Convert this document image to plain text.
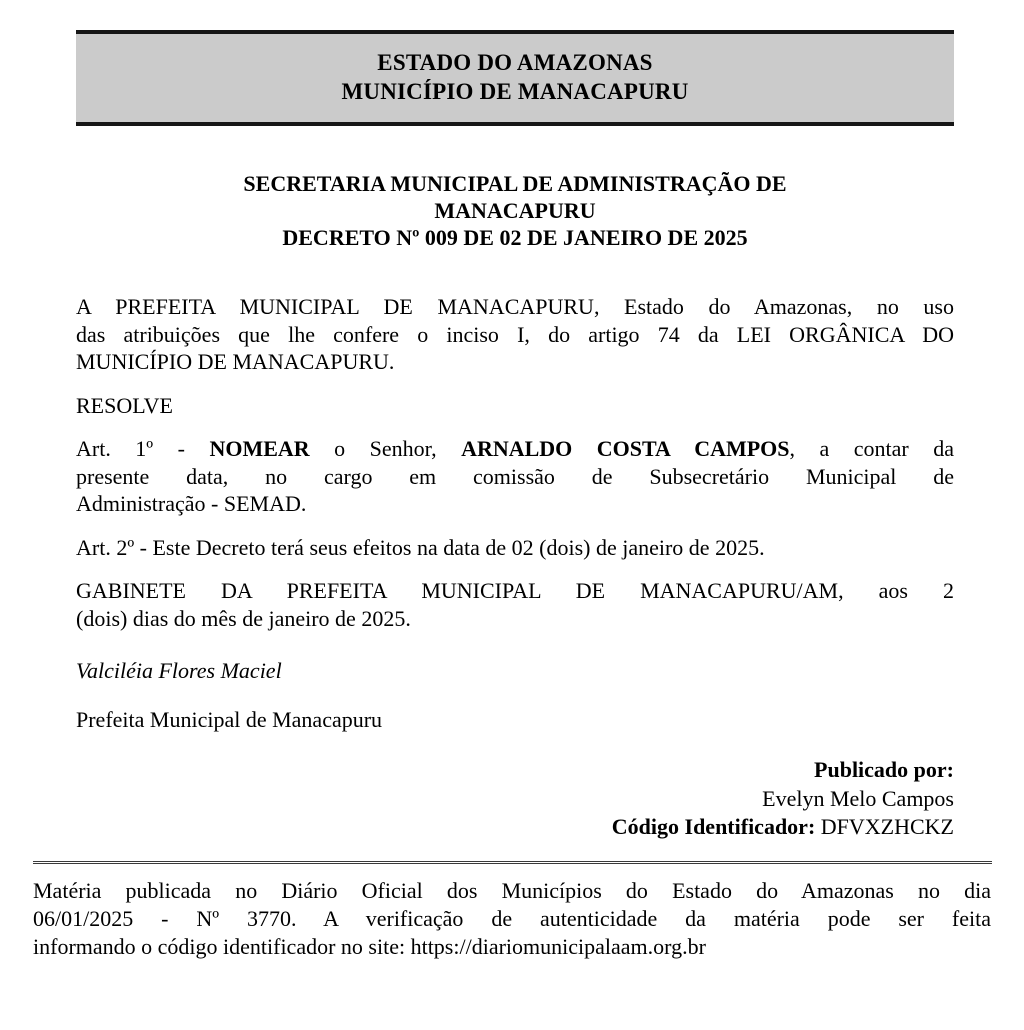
ESTADO DO AMAZONAS
MUNICÍPIO DE MANACAPURU
SECRETARIA MUNICIPAL DE ADMINISTRAÇÃO DE
MANACAPURU
DECRETO Nº 009 DE 02 DE JANEIRO DE 2025
A PREFEITA MUNICIPAL DE MANACAPURU, Estado do Amazonas, no uso
das atribuições que lhe confere o inciso I, do artigo 74 da LEI ORGÂNICA DO
MUNICÍPIO DE MANACAPURU.
RESOLVE
Art. 1º - NOMEAR o Senhor, ARNALDO COSTA CAMPOS, a contar da
presente data, no cargo em comissão de Subsecretário Municipal de
Administração - SEMAD.
Art. 2º - Este Decreto terá seus efeitos na data de 02 (dois) de janeiro de 2025.
GABINETE DA PREFEITA MUNICIPAL DE MANACAPURU/AM, aos 2
(dois) dias do mês de janeiro de 2025.
Valciléia Flores Maciel
Prefeita Municipal de Manacapuru
Publicado por:
Evelyn Melo Campos
Código Identificador: DFVXZHCKZ
Matéria publicada no Diário Oficial dos Municípios do Estado do Amazonas no dia
06/01/2025 - Nº 3770. A verificação de autenticidade da matéria pode ser feita
informando o código identificador no site: https://diariomunicipalaam.org.br
